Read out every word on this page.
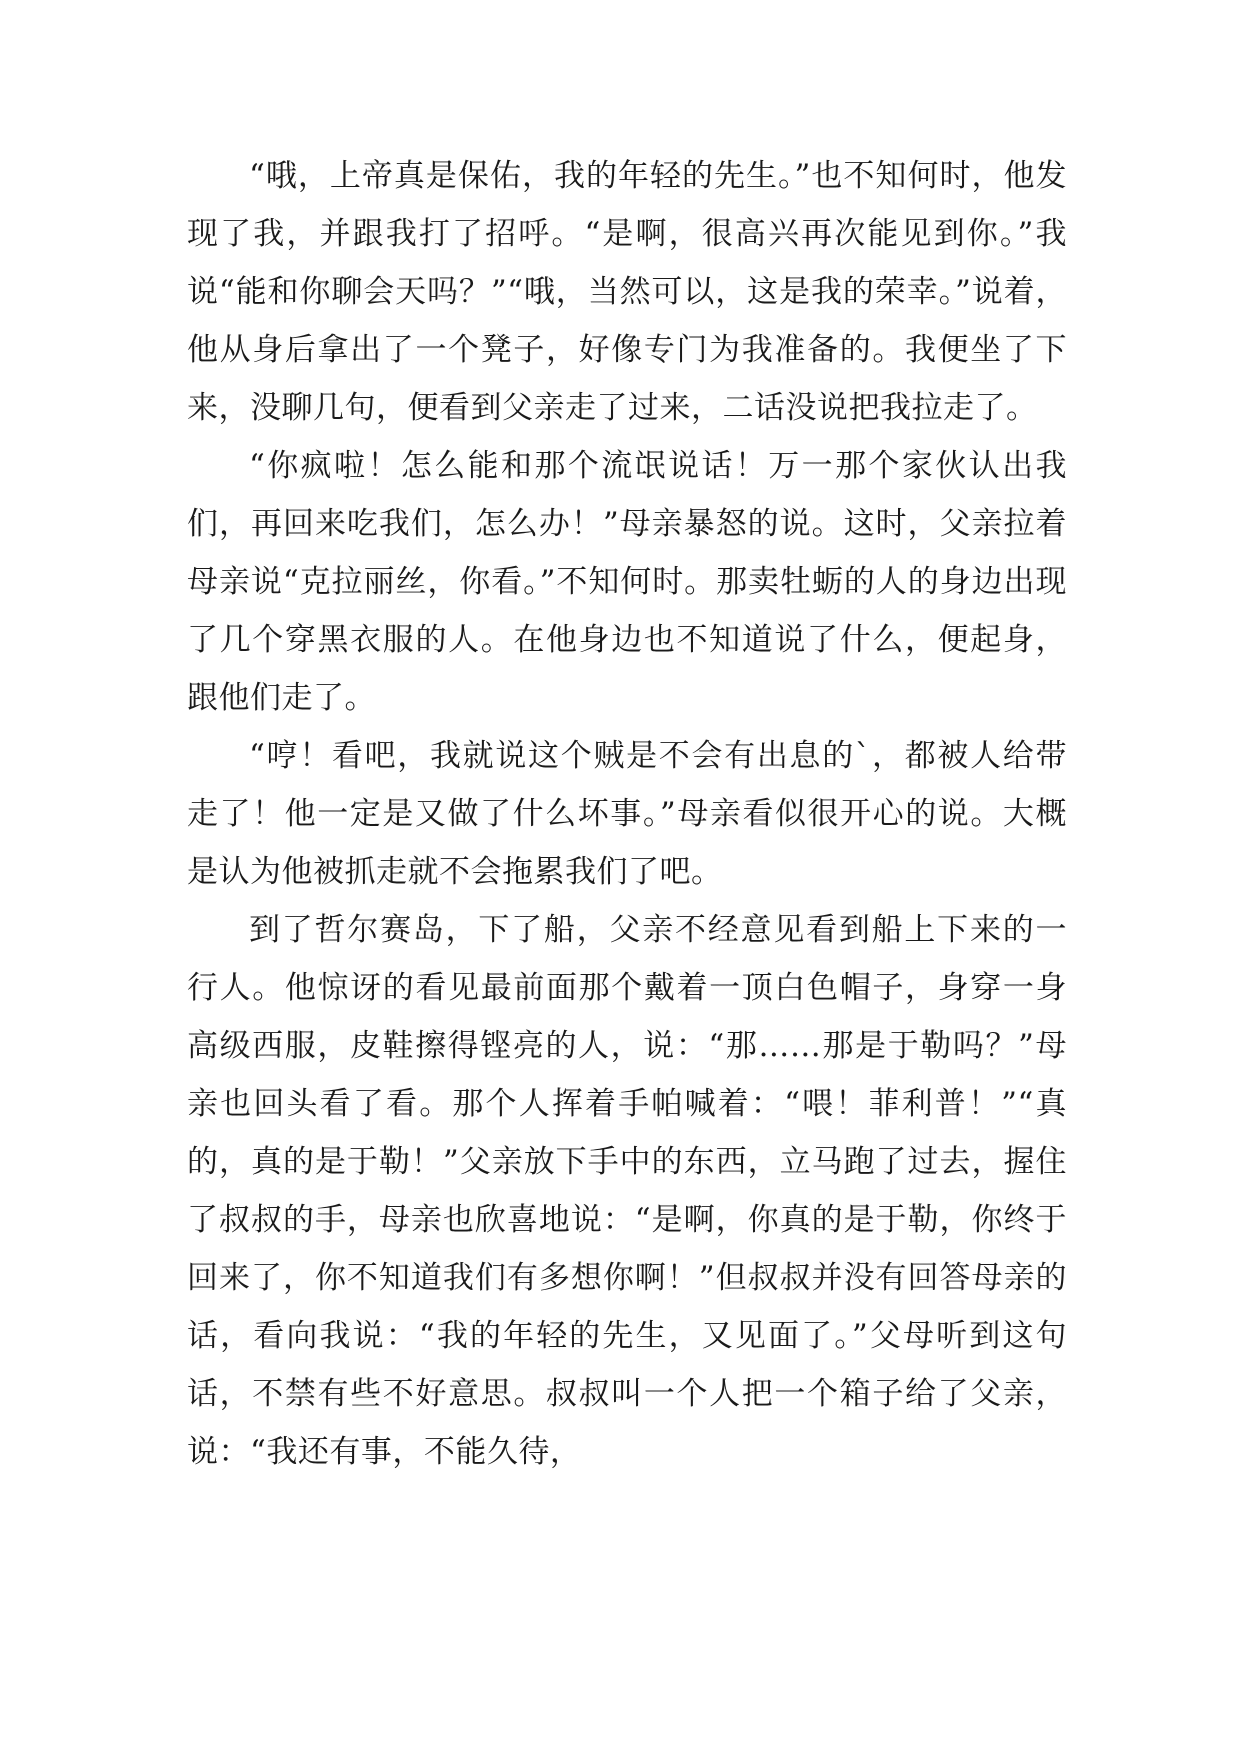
“哦，上帝真是保佑，我的年轻的先生。”也不知何时，他发现了我，并跟我打了招呼。“是啊，很高兴再次能见到你。”我说“能和你聊会天吗？”“哦，当然可以，这是我的荣幸。”说着，他从身后拿出了一个凳子，好像专门为我准备的。我便坐了下来，没聊几句，便看到父亲走了过来，二话没说把我拉走了。

“你疯啦！怎么能和那个流氓说话！万一那个家伙认出我们，再回来吃我们，怎么办！”母亲暴怒的说。这时，父亲拉着母亲说“克拉丽丝，你看。”不知何时。那卖牡蛎的人的身边出现了几个穿黑衣服的人。在他身边也不知道说了什么，便起身，跟他们走了。

“哼！看吧，我就说这个贼是不会有出息的`，都被人给带走了！他一定是又做了什么坏事。”母亲看似很开心的说。大概是认为他被抓走就不会拖累我们了吧。

到了哲尔赛岛，下了船，父亲不经意见看到船上下来的一行人。他惊讶的看见最前面那个戴着一顶白色帽子，身穿一身高级西服，皮鞋擦得铿亮的人，说：“那……那是于勒吗？”母亲也回头看了看。那个人挥着手帕喊着：“喂！菲利普！”“真的，真的是于勒！”父亲放下手中的东西，立马跑了过去，握住了叔叔的手，母亲也欣喜地说：“是啊，你真的是于勒，你终于回来了，你不知道我们有多想你啊！”但叔叔并没有回答母亲的话，看向我说：“我的年轻的先生，又见面了。”父母听到这句话，不禁有些不好意思。叔叔叫一个人把一个箱子给了父亲，说：“我还有事，不能久待，
